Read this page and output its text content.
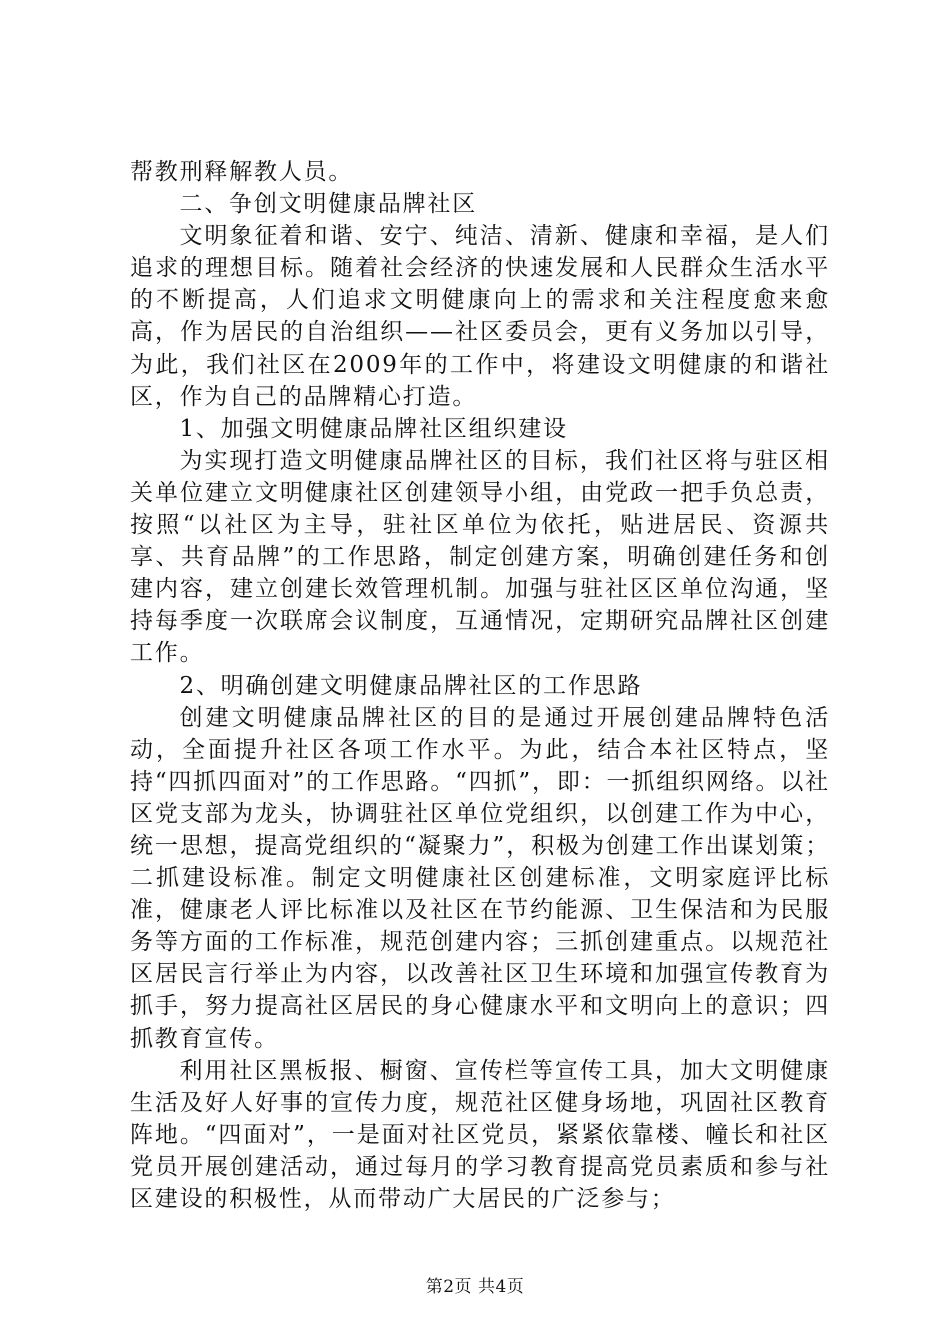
帮教刑释解教人员。

二、争创文明健康品牌社区

文明象征着和谐、安宁、纯洁、清新、健康和幸福，是人们追求的理想目标。随着社会经济的快速发展和人民群众生活水平的不断提高，人们追求文明健康向上的需求和关注程度愈来愈高，作为居民的自治组织——社区委员会，更有义务加以引导，为此，我们社区在2009年的工作中，将建设文明健康的和谐社区，作为自己的品牌精心打造。

1、加强文明健康品牌社区组织建设

为实现打造文明健康品牌社区的目标，我们社区将与驻区相关单位建立文明健康社区创建领导小组，由党政一把手负总责，按照“以社区为主导，驻社区单位为依托，贴进居民、资源共享、共育品牌”的工作思路，制定创建方案，明确创建任务和创建内容，建立创建长效管理机制。加强与驻社区区单位沟通，坚持每季度一次联席会议制度，互通情况，定期研究品牌社区创建工作。

2、明确创建文明健康品牌社区的工作思路

创建文明健康品牌社区的目的是通过开展创建品牌特色活动，全面提升社区各项工作水平。为此，结合本社区特点，坚持“四抓四面对”的工作思路。“四抓”，即：一抓组织网络。以社区党支部为龙头，协调驻社区单位党组织，以创建工作为中心，统一思想，提高党组织的“凝聚力”，积极为创建工作出谋划策；二抓建设标准。制定文明健康社区创建标准，文明家庭评比标准，健康老人评比标准以及社区在节约能源、卫生保洁和为民服务等方面的工作标准，规范创建内容；三抓创建重点。以规范社区居民言行举止为内容，以改善社区卫生环境和加强宣传教育为抓手，努力提高社区居民的身心健康水平和文明向上的意识；四抓教育宣传。

利用社区黑板报、橱窗、宣传栏等宣传工具，加大文明健康生活及好人好事的宣传力度，规范社区健身场地，巩固社区教育阵地。“四面对”，一是面对社区党员，紧紧依靠楼、幢长和社区党员开展创建活动，通过每月的学习教育提高党员素质和参与社区建设的积极性，从而带动广大居民的广泛参与；

第2页 共4页
